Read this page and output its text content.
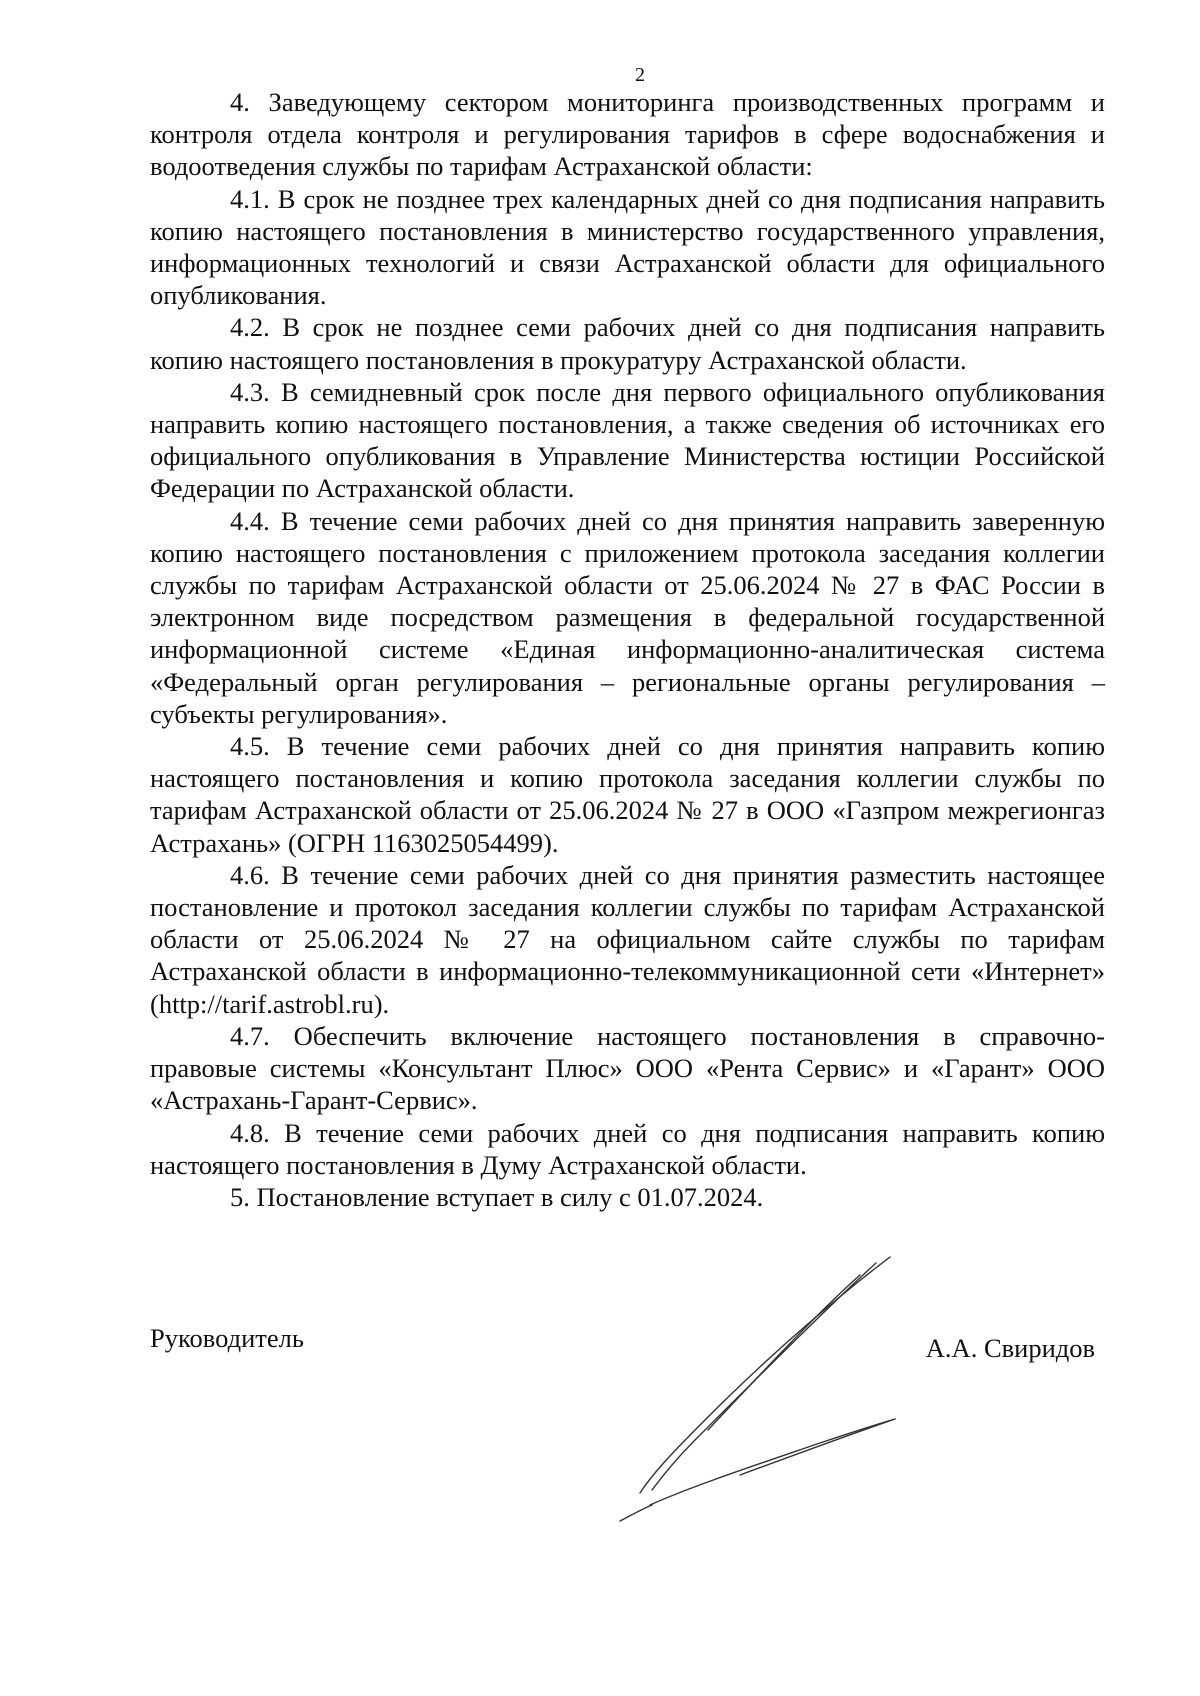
2

4. Заведующему сектором мониторинга производственных программ и контроля отдела контроля и регулирования тарифов в сфере водоснабжения и водоотведения службы по тарифам Астраханской области:

4.1. В срок не позднее трех календарных дней со дня подписания направить копию настоящего постановления в министерство государственного управления, информационных технологий и связи Астраханской области для официального опубликования.

4.2. В срок не позднее семи рабочих дней со дня подписания направить копию настоящего постановления в прокуратуру Астраханской области.

4.3. В семидневный срок после дня первого официального опубликования направить копию настоящего постановления, а также сведения об источниках его официального опубликования в Управление Министерства юстиции Российской Федерации по Астраханской области.

4.4. В течение семи рабочих дней со дня принятия направить заверенную копию настоящего постановления с приложением протокола заседания коллегии службы по тарифам Астраханской области от 25.06.2024 № 27 в ФАС России в электронном виде посредством размещения в федеральной государственной информационной системе «Единая информационно-аналитическая система «Федеральный орган регулирования – региональные органы регулирования – субъекты регулирования».

4.5. В течение семи рабочих дней со дня принятия направить копию настоящего постановления и копию протокола заседания коллегии службы по тарифам Астраханской области от 25.06.2024 № 27 в ООО «Газпром межрегионгаз Астрахань» (ОГРН 1163025054499).

4.6. В течение семи рабочих дней со дня принятия разместить настоящее постановление и протокол заседания коллегии службы по тарифам Астраханской области от 25.06.2024 № 27 на официальном сайте службы по тарифам Астраханской области в информационно-телекоммуникационной сети «Интернет» (http://tarif.astrobl.ru).

4.7. Обеспечить включение настоящего постановления в справочно-правовые системы «Консультант Плюс» ООО «Рента Сервис» и «Гарант» ООО «Астрахань-Гарант-Сервис».

4.8. В течение семи рабочих дней со дня подписания направить копию настоящего постановления в Думу Астраханской области.

5. Постановление вступает в силу с 01.07.2024.

Руководитель	А.А. Свиридов
